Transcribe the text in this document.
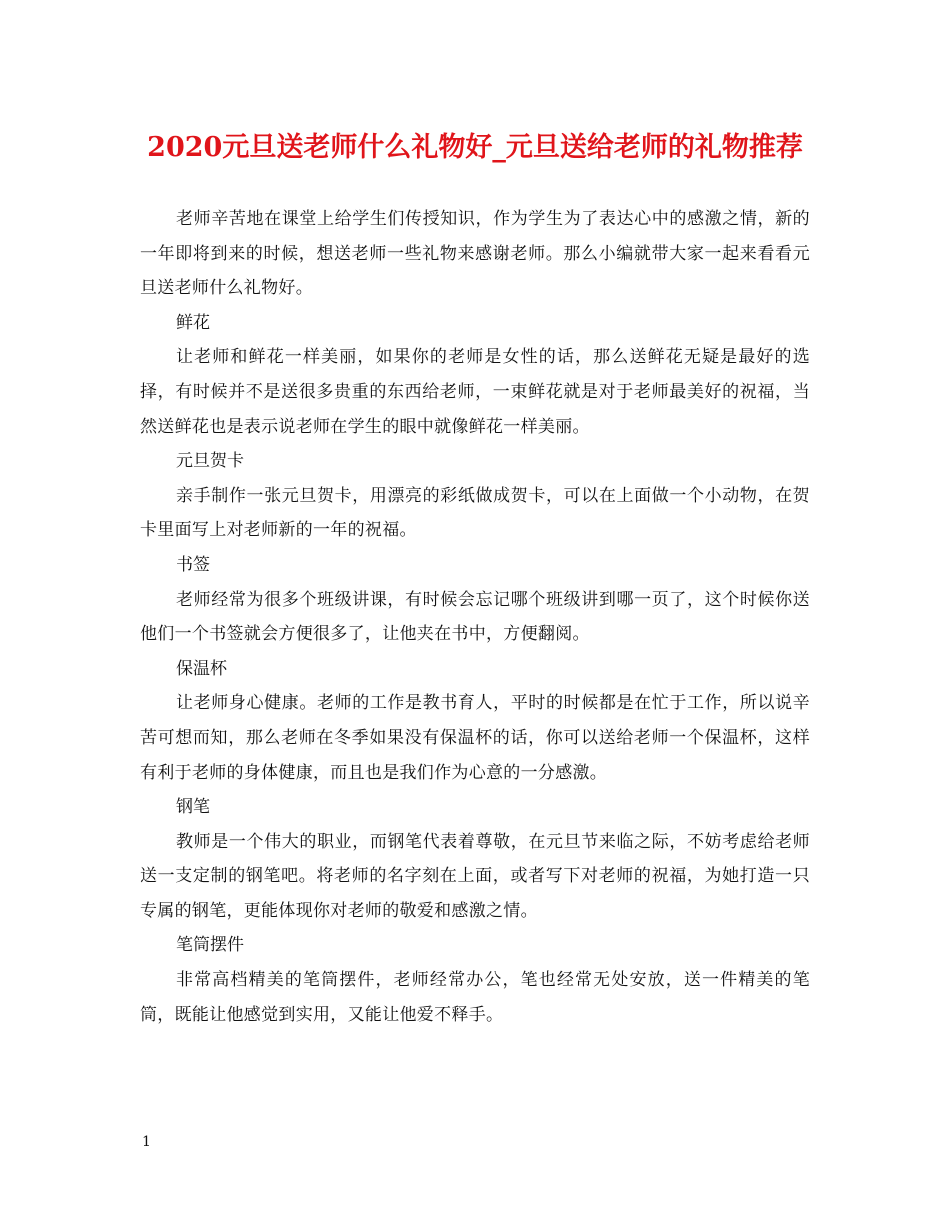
2020元旦送老师什么礼物好_元旦送给老师的礼物推荐

老师辛苦地在课堂上给学生们传授知识，作为学生为了表达心中的感激之情，新的一年即将到来的时候，想送老师一些礼物来感谢老师。那么小编就带大家一起来看看元旦送老师什么礼物好。

鲜花

让老师和鲜花一样美丽，如果你的老师是女性的话，那么送鲜花无疑是最好的选择，有时候并不是送很多贵重的东西给老师，一束鲜花就是对于老师最美好的祝福，当然送鲜花也是表示说老师在学生的眼中就像鲜花一样美丽。

元旦贺卡

亲手制作一张元旦贺卡，用漂亮的彩纸做成贺卡，可以在上面做一个小动物，在贺卡里面写上对老师新的一年的祝福。

书签

老师经常为很多个班级讲课，有时候会忘记哪个班级讲到哪一页了，这个时候你送他们一个书签就会方便很多了，让他夹在书中，方便翻阅。

保温杯

让老师身心健康。老师的工作是教书育人，平时的时候都是在忙于工作，所以说辛苦可想而知，那么老师在冬季如果没有保温杯的话，你可以送给老师一个保温杯，这样有利于老师的身体健康，而且也是我们作为心意的一分感激。

钢笔

教师是一个伟大的职业，而钢笔代表着尊敬，在元旦节来临之际，不妨考虑给老师送一支定制的钢笔吧。将老师的名字刻在上面，或者写下对老师的祝福，为她打造一只专属的钢笔，更能体现你对老师的敬爱和感激之情。

笔筒摆件

非常高档精美的笔筒摆件，老师经常办公，笔也经常无处安放，送一件精美的笔筒，既能让他感觉到实用，又能让他爱不释手。

1
